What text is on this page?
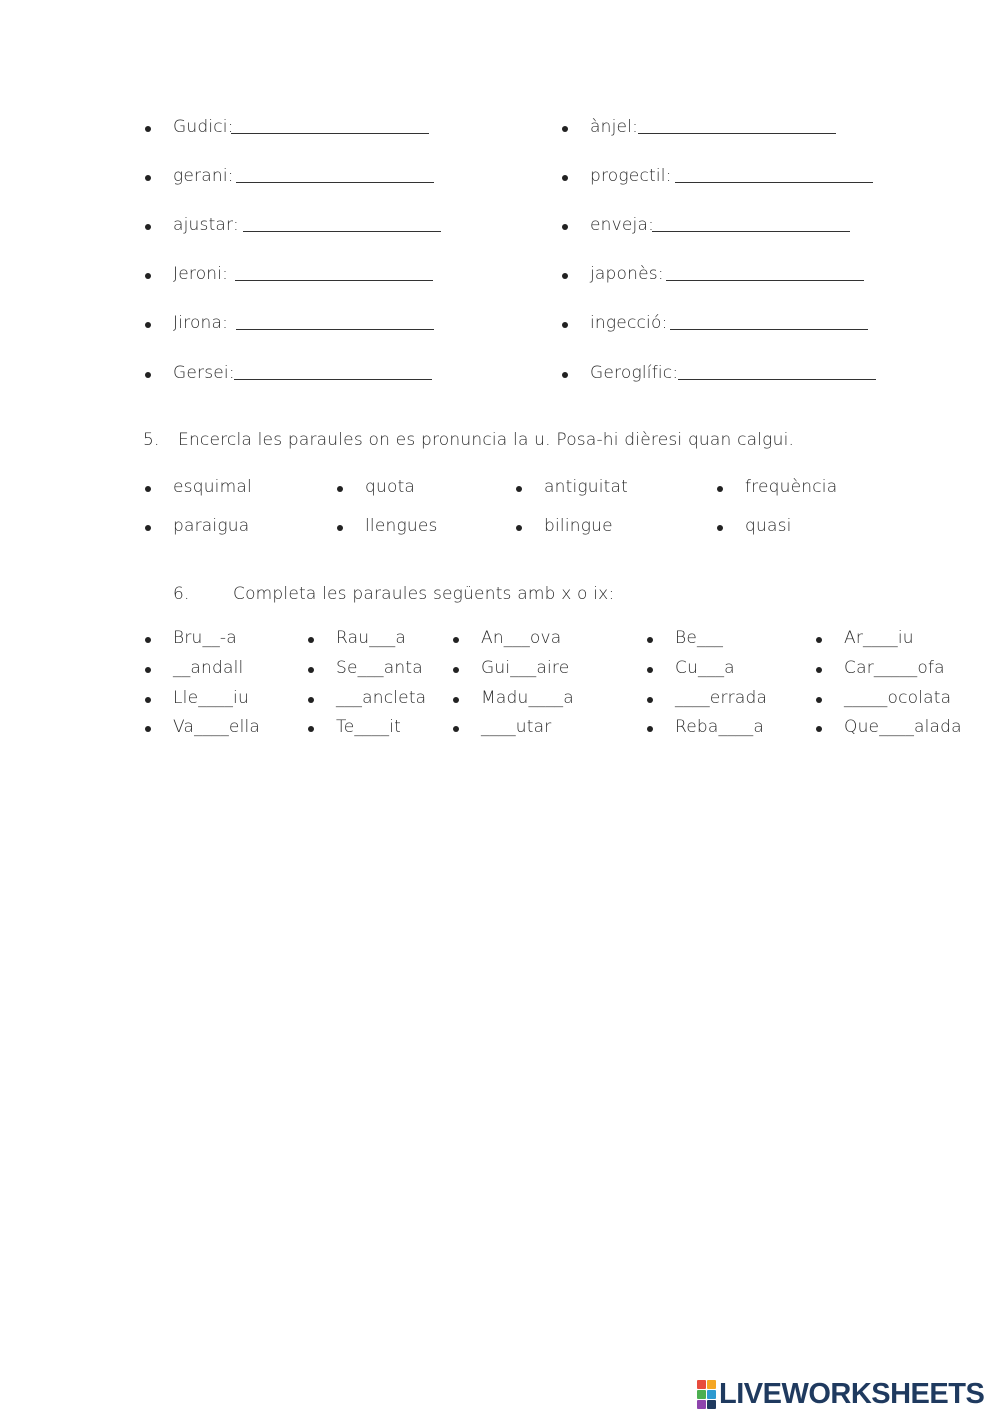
Gudici:
gerani:
ajustar:
Jeroni:
Jirona:
Gersei:
ànjel:
progectil:
enveja:
japonès:
ingecció:
Geroglífic:
5. Encercla les paraules on es pronuncia la u. Posa-hi dièresi quan calgui.
esquimal	quota	antiguitat	frequència
paraigua	llengues	bilingue	quasi
6.	Completa les paraules següents amb x o ix:
Bru__-a	Rau___a	An___ova	Be___	Ar____iu
__andall	Se___anta	Gui___aire	Cu___a	Car_____ofa
Lle____iu	___ancleta	Madu____a	____errada	_____ocolata
Va____ella	Te____it	____utar	Reba____a	Que____alada
LIVEWORKSHEETS
